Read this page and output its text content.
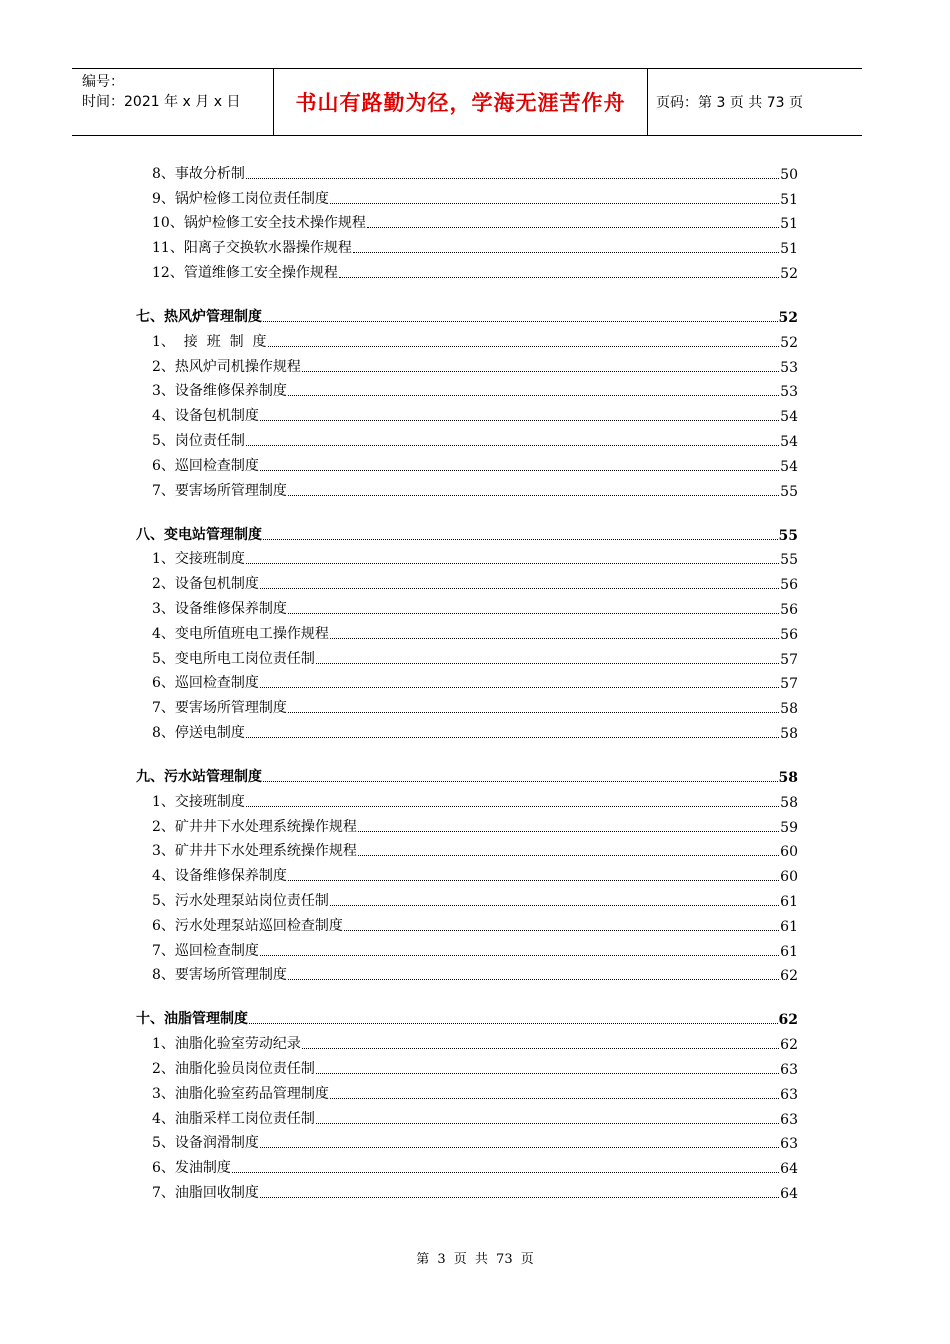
编号：
时间：2021 年 x 月 x 日	书山有路勤为径，学海无涯苦作舟	页码：第 3 页 共 73 页
8、事故分析制	50
9、锅炉检修工岗位责任制度	51
10、锅炉检修工安全技术操作规程	51
11、阳离子交换软水器操作规程	51
12、管道维修工安全操作规程	52
七、热风炉管理制度	52
1、  接  班  制  度	52
2、热风炉司机操作规程	53
3、设备维修保养制度	53
4、设备包机制度	54
5、岗位责任制	54
6、巡回检查制度	54
7、要害场所管理制度	55
八、变电站管理制度	55
1、交接班制度	55
2、设备包机制度	56
3、设备维修保养制度	56
4、变电所值班电工操作规程	56
5、变电所电工岗位责任制	57
6、巡回检查制度	57
7、要害场所管理制度	58
8、停送电制度	58
九、污水站管理制度	58
1、交接班制度	58
2、矿井井下水处理系统操作规程	59
3、矿井井下水处理系统操作规程	60
4、设备维修保养制度	60
5、污水处理泵站岗位责任制	61
6、污水处理泵站巡回检查制度	61
7、巡回检查制度	61
8、要害场所管理制度	62
十、油脂管理制度	62
1、油脂化验室劳动纪录	62
2、油脂化验员岗位责任制	63
3、油脂化验室药品管理制度	63
4、油脂采样工岗位责任制	63
5、设备润滑制度	63
6、发油制度	64
7、油脂回收制度	64
第 3 页 共 73 页
